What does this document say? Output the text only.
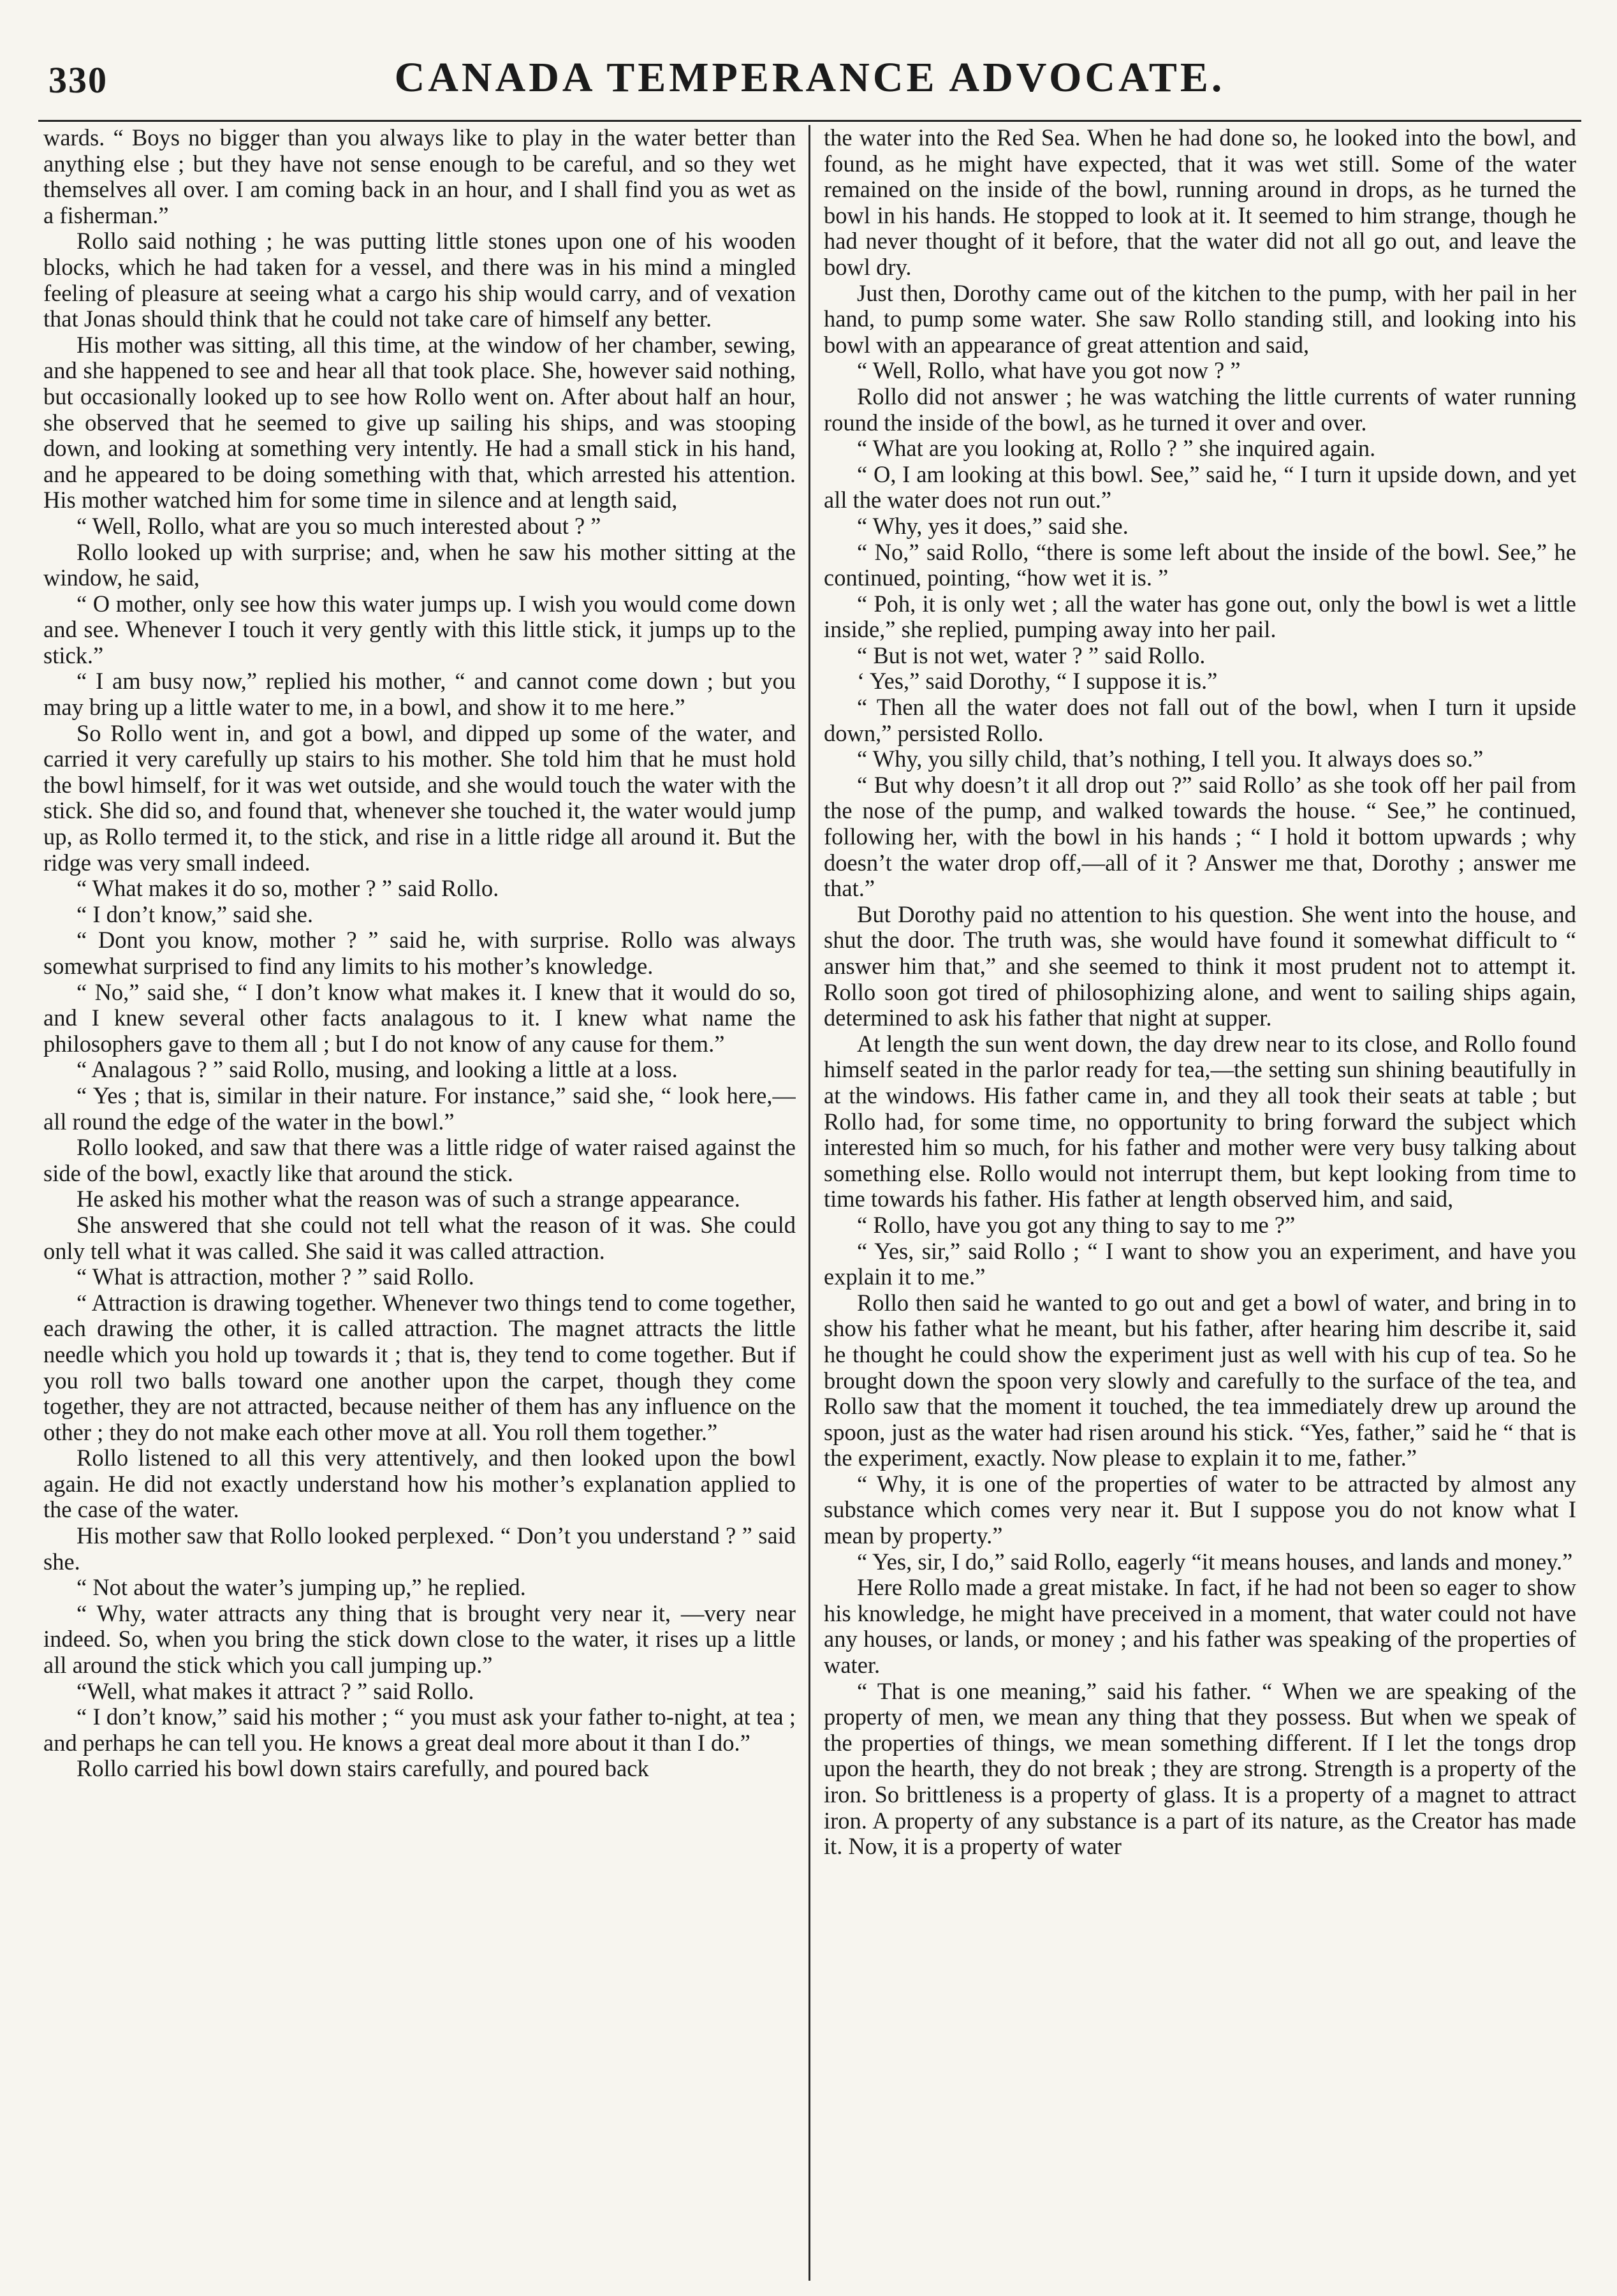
330	CANADA TEMPERANCE ADVOCATE.

wards. “ Boys no bigger than you always like to play in the water better than anything else ; but they have not sense enough to be careful, and so they wet themselves all over. I am coming back in an hour, and I shall find you as wet as a fisherman.”

Rollo said nothing ; he was putting little stones upon one of his wooden blocks, which he had taken for a vessel, and there was in his mind a mingled feeling of pleasure at seeing what a cargo his ship would carry, and of vexation that Jonas should think that he could not take care of himself any better.

His mother was sitting, all this time, at the window of her chamber, sewing, and she happened to see and hear all that took place. She, however said nothing, but occasionally looked up to see how Rollo went on. After about half an hour, she observed that he seemed to give up sailing his ships, and was stooping down, and looking at something very intently. He had a small stick in his hand, and he appeared to be doing something with that, which arrested his attention. His mother watched him for some time in silence and at length said,

“ Well, Rollo, what are you so much interested about ? ”

Rollo looked up with surprise; and, when he saw his mother sitting at the window, he said,

“ O mother, only see how this water jumps up. I wish you would come down and see. Whenever I touch it very gently with this little stick, it jumps up to the stick.”

“ I am busy now,” replied his mother, “ and cannot come down ; but you may bring up a little water to me, in a bowl, and show it to me here.”

So Rollo went in, and got a bowl, and dipped up some of the water, and carried it very carefully up stairs to his mother. She told him that he must hold the bowl himself, for it was wet outside, and she would touch the water with the stick. She did so, and found that, whenever she touched it, the water would jump up, as Rollo termed it, to the stick, and rise in a little ridge all around it. But the ridge was very small indeed.

“ What makes it do so, mother ? ” said Rollo.

“ I don’t know,” said she.

“ Dont you know, mother ? ” said he, with surprise. Rollo was always somewhat surprised to find any limits to his mother’s knowledge.

“ No,” said she, “ I don’t know what makes it. I knew that it would do so, and I knew several other facts analagous to it. I knew what name the philosophers gave to them all ; but I do not know of any cause for them.”

“ Analagous ? ” said Rollo, musing, and looking a little at a loss.

“ Yes ; that is, similar in their nature. For instance,” said she, “ look here,—all round the edge of the water in the bowl.”

Rollo looked, and saw that there was a little ridge of water raised against the side of the bowl, exactly like that around the stick.

He asked his mother what the reason was of such a strange appearance.

She answered that she could not tell what the reason of it was. She could only tell what it was called. She said it was called attraction.

“ What is attraction, mother ? ” said Rollo.

“ Attraction is drawing together. Whenever two things tend to come together, each drawing the other, it is called attraction. The magnet attracts the little needle which you hold up towards it ; that is, they tend to come together. But if you roll two balls toward one another upon the carpet, though they come together, they are not attracted, because neither of them has any influence on the other ; they do not make each other move at all. You roll them together.”

Rollo listened to all this very attentively, and then looked upon the bowl again. He did not exactly understand how his mother’s explanation applied to the case of the water.

His mother saw that Rollo looked perplexed. “ Don’t you understand ? ” said she.

“ Not about the water’s jumping up,” he replied.

“ Why, water attracts any thing that is brought very near it, —very near indeed. So, when you bring the stick down close to the water, it rises up a little all around the stick which you call jumping up.”

“Well, what makes it attract ? ” said Rollo.

“ I don’t know,” said his mother ; “ you must ask your father to-night, at tea ; and perhaps he can tell you. He knows a great deal more about it than I do.”

Rollo carried his bowl down stairs carefully, and poured back

the water into the Red Sea. When he had done so, he looked into the bowl, and found, as he might have expected, that it was wet still. Some of the water remained on the inside of the bowl, running around in drops, as he turned the bowl in his hands. He stopped to look at it. It seemed to him strange, though he had never thought of it before, that the water did not all go out, and leave the bowl dry.

Just then, Dorothy came out of the kitchen to the pump, with her pail in her hand, to pump some water. She saw Rollo standing still, and looking into his bowl with an appearance of great attention and said,

“ Well, Rollo, what have you got now ? ”

Rollo did not answer ; he was watching the little currents of water running round the inside of the bowl, as he turned it over and over.

“ What are you looking at, Rollo ? ” she inquired again.

“ O, I am looking at this bowl. See,” said he, “ I turn it upside down, and yet all the water does not run out.”

“ Why, yes it does,” said she.

“ No,” said Rollo, “there is some left about the inside of the bowl. See,” he continued, pointing, “how wet it is. ”

“ Poh, it is only wet ; all the water has gone out, only the bowl is wet a little inside,” she replied, pumping away into her pail.

“ But is not wet, water ? ” said Rollo.

‘ Yes,” said Dorothy, “ I suppose it is.”

“ Then all the water does not fall out of the bowl, when I turn it upside down,” persisted Rollo.

“ Why, you silly child, that’s nothing, I tell you. It always does so.”

“ But why doesn’t it all drop out ?” said Rollo’ as she took off her pail from the nose of the pump, and walked towards the house. “ See,” he continued, following her, with the bowl in his hands ; “ I hold it bottom upwards ; why doesn’t the water drop off,—all of it ? Answer me that, Dorothy ; answer me that.”

But Dorothy paid no attention to his question. She went into the house, and shut the door. The truth was, she would have found it somewhat difficult to “ answer him that,” and she seemed to think it most prudent not to attempt it. Rollo soon got tired of philosophizing alone, and went to sailing ships again, determined to ask his father that night at supper.

At length the sun went down, the day drew near to its close, and Rollo found himself seated in the parlor ready for tea,—the setting sun shining beautifully in at the windows. His father came in, and they all took their seats at table ; but Rollo had, for some time, no opportunity to bring forward the subject which interested him so much, for his father and mother were very busy talking about something else. Rollo would not interrupt them, but kept looking from time to time towards his father. His father at length observed him, and said,

“ Rollo, have you got any thing to say to me ?”

“ Yes, sir,” said Rollo ; “ I want to show you an experiment, and have you explain it to me.”

Rollo then said he wanted to go out and get a bowl of water, and bring in to show his father what he meant, but his father, after hearing him describe it, said he thought he could show the experiment just as well with his cup of tea. So he brought down the spoon very slowly and carefully to the surface of the tea, and Rollo saw that the moment it touched, the tea immediately drew up around the spoon, just as the water had risen around his stick. “Yes, father,” said he “ that is the experiment, exactly. Now please to explain it to me, father.”

“ Why, it is one of the properties of water to be attracted by almost any substance which comes very near it. But I suppose you do not know what I mean by property.”

“ Yes, sir, I do,” said Rollo, eagerly “it means houses, and lands and money.”

Here Rollo made a great mistake. In fact, if he had not been so eager to show his knowledge, he might have preceived in a moment, that water could not have any houses, or lands, or money ; and his father was speaking of the properties of water.

“ That is one meaning,” said his father. “ When we are speaking of the property of men, we mean any thing that they possess. But when we speak of the properties of things, we mean something different. If I let the tongs drop upon the hearth, they do not break ; they are strong. Strength is a property of the iron. So brittleness is a property of glass. It is a property of a magnet to attract iron. A property of any substance is a part of its nature, as the Creator has made it. Now, it is a property of water
